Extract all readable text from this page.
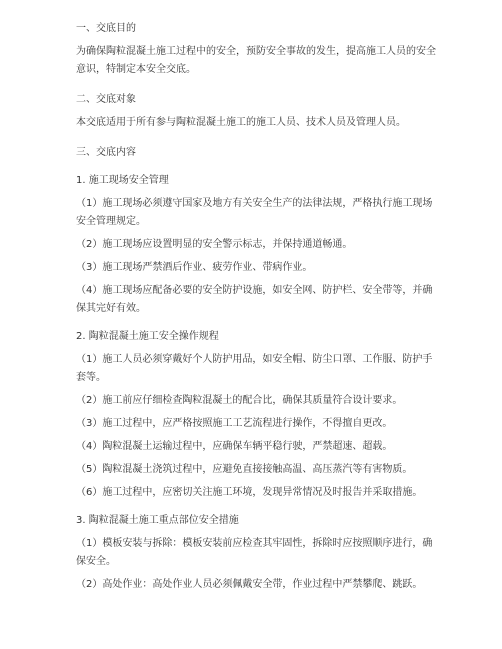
一、交底目的

为确保陶粒混凝土施工过程中的安全，预防安全事故的发生，提高施工人员的安全意识，特制定本安全交底。

二、交底对象

本交底适用于所有参与陶粒混凝土施工的施工人员、技术人员及管理人员。

三、交底内容

1. 施工现场安全管理

（1）施工现场必须遵守国家及地方有关安全生产的法律法规，严格执行施工现场安全管理规定。

（2）施工现场应设置明显的安全警示标志，并保持通道畅通。

（3）施工现场严禁酒后作业、疲劳作业、带病作业。

（4）施工现场应配备必要的安全防护设施，如安全网、防护栏、安全带等，并确保其完好有效。

2. 陶粒混凝土施工安全操作规程

（1）施工人员必须穿戴好个人防护用品，如安全帽、防尘口罩、工作服、防护手套等。

（2）施工前应仔细检查陶粒混凝土的配合比，确保其质量符合设计要求。

（3）施工过程中，应严格按照施工工艺流程进行操作，不得擅自更改。

（4）陶粒混凝土运输过程中，应确保车辆平稳行驶，严禁超速、超载。

（5）陶粒混凝土浇筑过程中，应避免直接接触高温、高压蒸汽等有害物质。

（6）施工过程中，应密切关注施工环境，发现异常情况及时报告并采取措施。

3. 陶粒混凝土施工重点部位安全措施

（1）模板安装与拆除：模板安装前应检查其牢固性，拆除时应按照顺序进行，确保安全。

（2）高处作业：高处作业人员必须佩戴安全带，作业过程中严禁攀爬、跳跃。
